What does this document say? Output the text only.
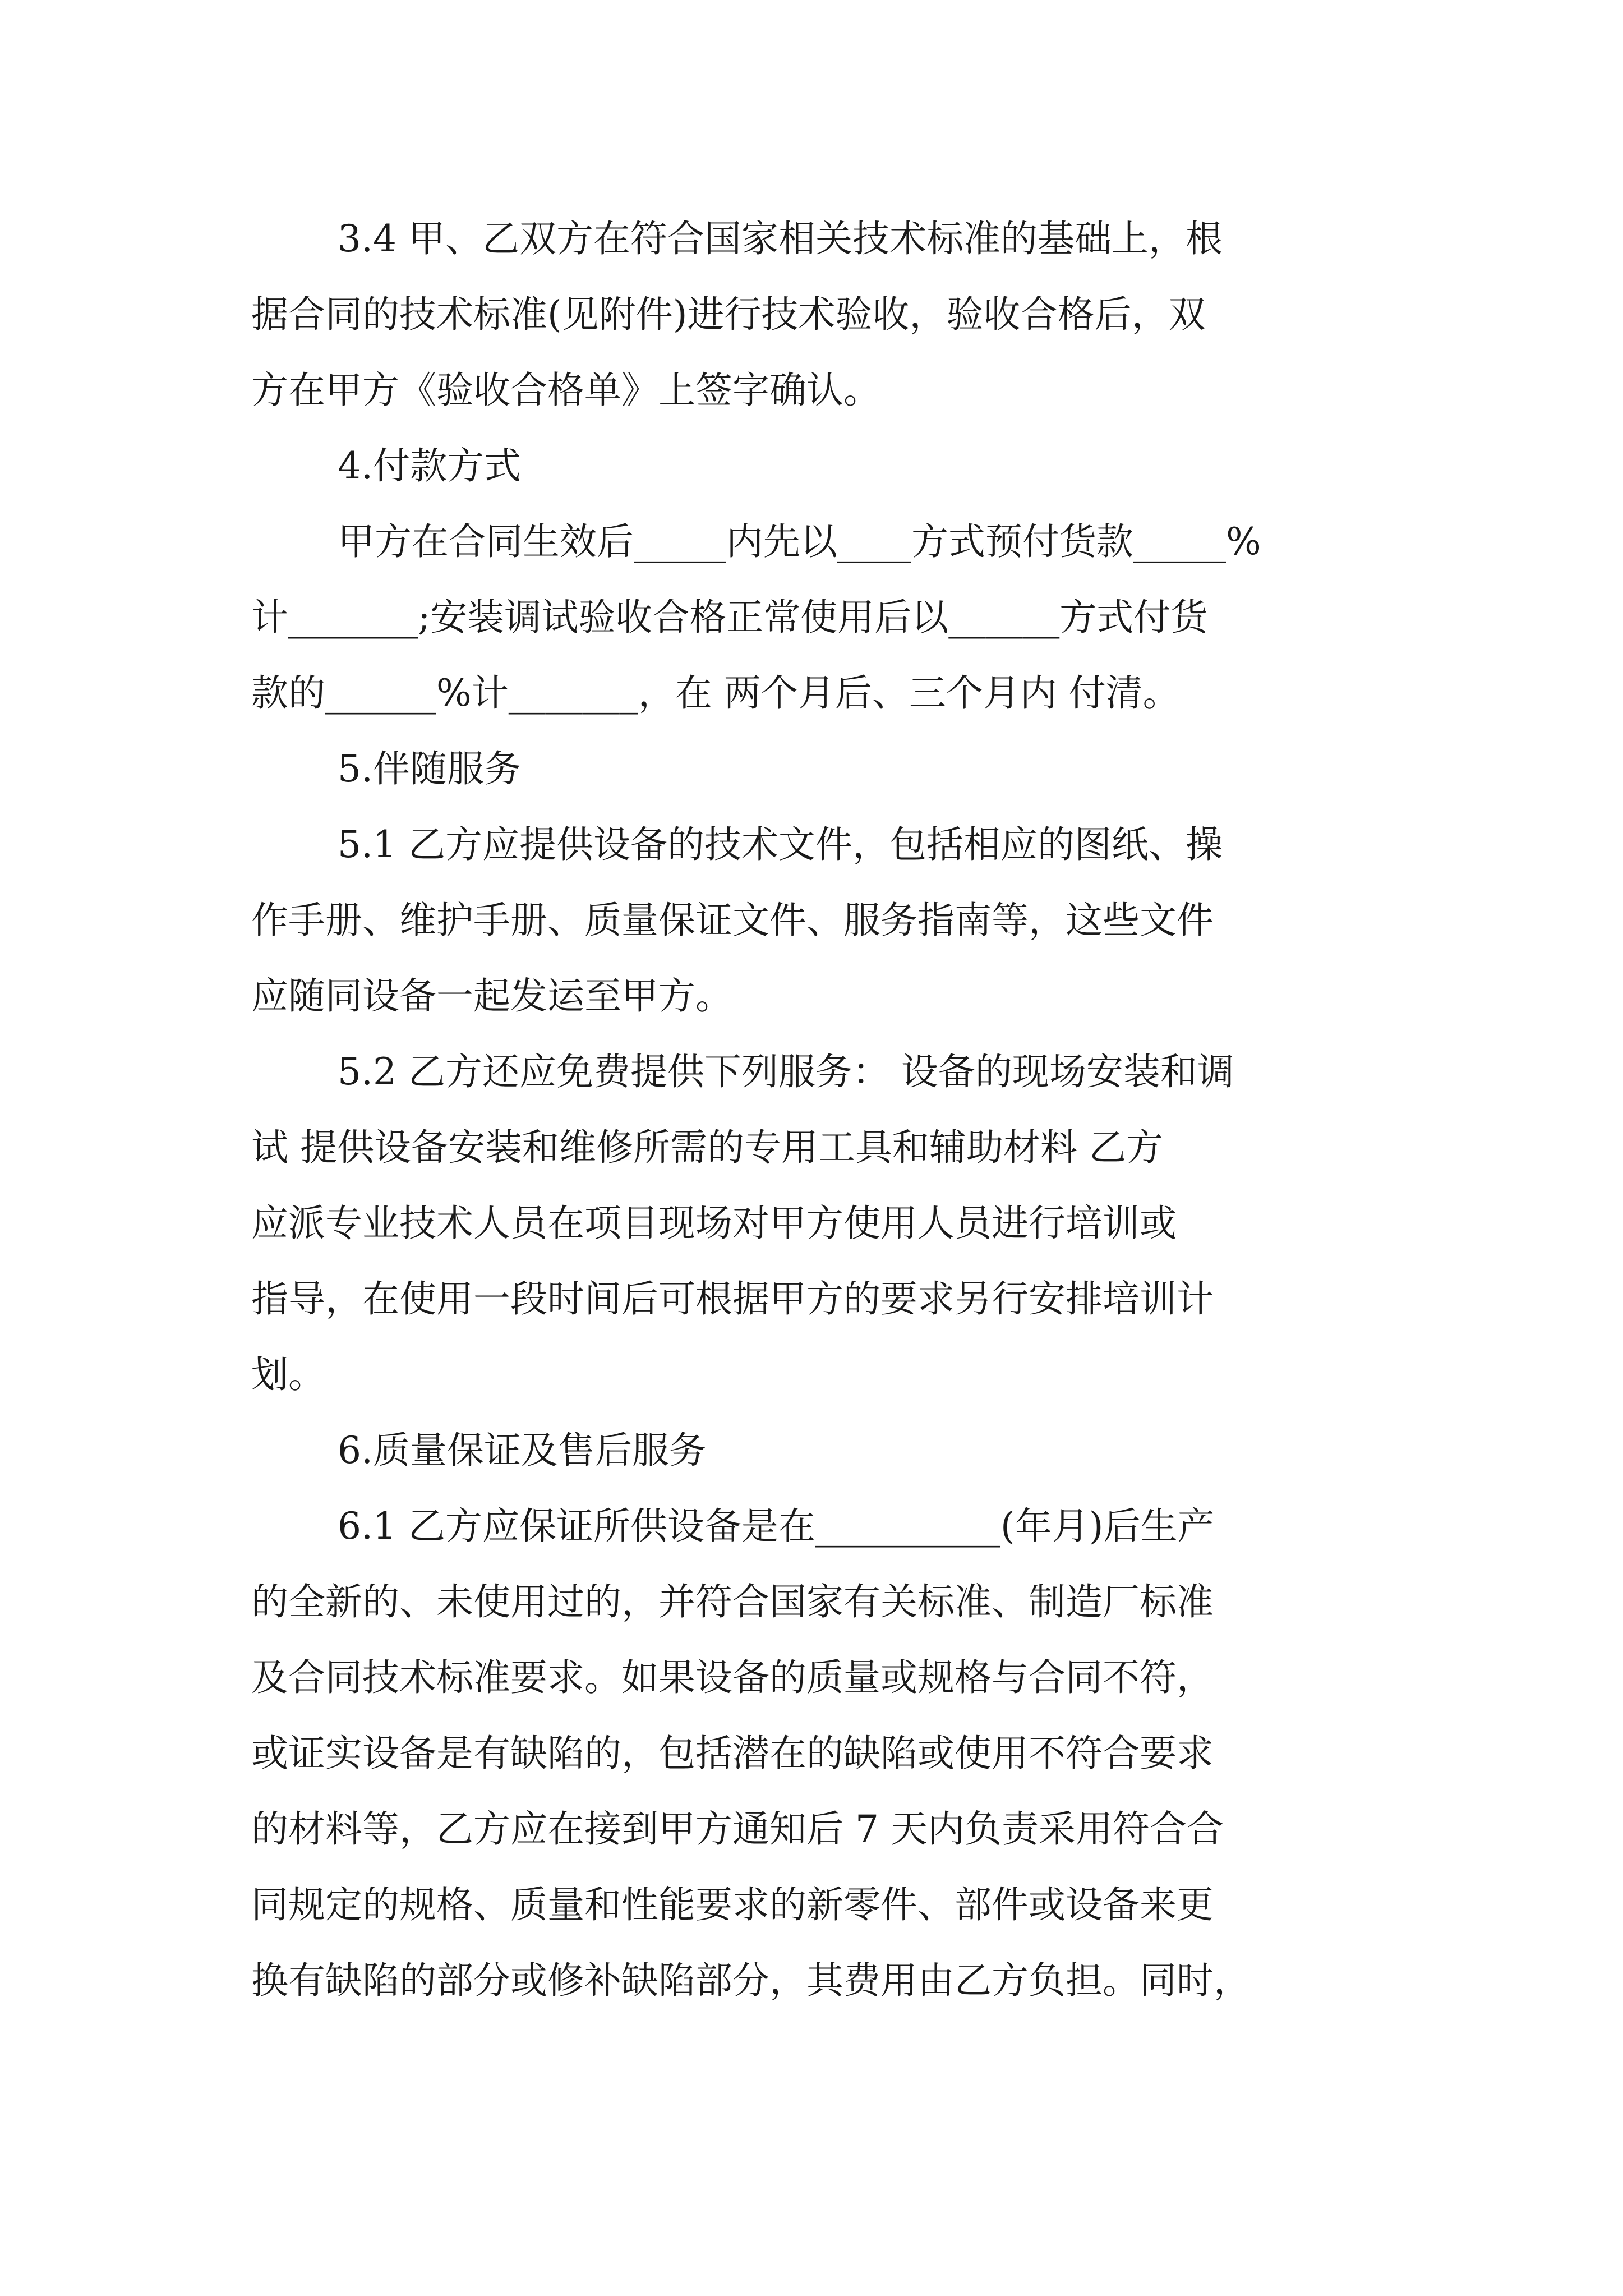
3.4 甲、乙双方在符合国家相关技术标准的基础上，根
据合同的技术标准(见附件)进行技术验收，验收合格后，双
方在甲方《验收合格单》上签字确认。
4.付款方式
甲方在合同生效后_____内先以____方式预付货款_____%
计_______;安装调试验收合格正常使用后以______方式付货
款的______%计_______，在 两个月后、三个月内 付清。
5.伴随服务
5.1 乙方应提供设备的技术文件，包括相应的图纸、操
作手册、维护手册、质量保证文件、服务指南等，这些文件
应随同设备一起发运至甲方。
5.2 乙方还应免费提供下列服务： 设备的现场安装和调
试 提供设备安装和维修所需的专用工具和辅助材料 乙方
应派专业技术人员在项目现场对甲方使用人员进行培训或
指导，在使用一段时间后可根据甲方的要求另行安排培训计
划。
6.质量保证及售后服务
6.1 乙方应保证所供设备是在__________(年月)后生产
的全新的、未使用过的，并符合国家有关标准、制造厂标准
及合同技术标准要求。如果设备的质量或规格与合同不符，
或证实设备是有缺陷的，包括潜在的缺陷或使用不符合要求
的材料等，乙方应在接到甲方通知后 7 天内负责采用符合合
同规定的规格、质量和性能要求的新零件、部件或设备来更
换有缺陷的部分或修补缺陷部分，其费用由乙方负担。同时，
